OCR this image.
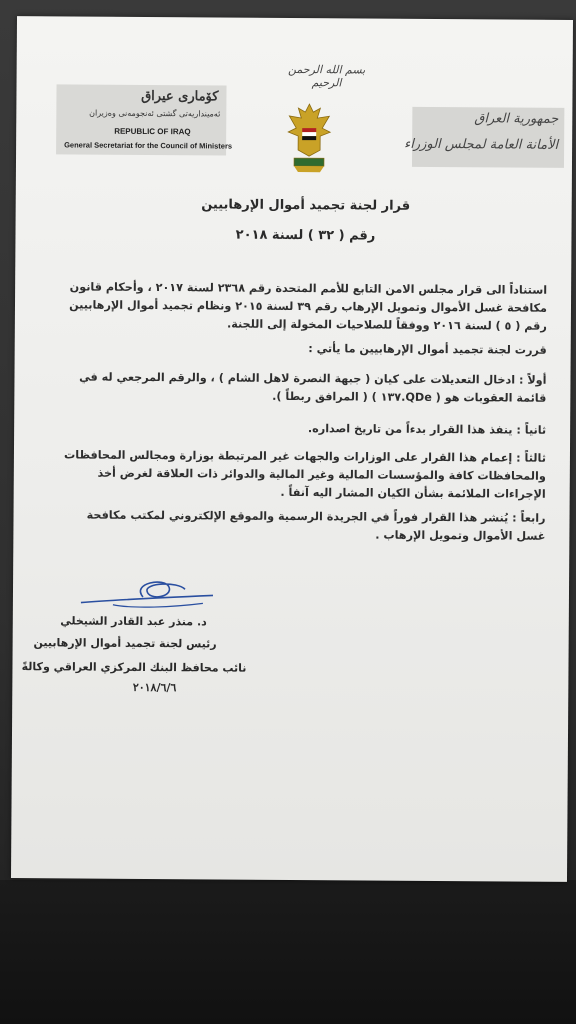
بسم الله الرحمن الرحيم
كۆماری عیراق
ئه‌مینداریه‌تی گشتی ئه‌نجومه‌نی وه‌زیران
REPUBLIC OF IRAQ
General Secretariat for the Council of Ministers
جمهورية العراق
الأمانة العامة لمجلس الوزراء
قرار لجنة تجميد أموال الإرهابيين
رقم ( ٣٢ ) لسنة ٢٠١٨
استناداً الى قرار مجلس الامن التابع للأمم المتحدة رقم ٢٣٦٨ لسنة ٢٠١٧ ، وأحكام قانون مكافحة غسل الأموال وتمويل الإرهاب رقم ٣٩ لسنة ٢٠١٥ ونظام تجميد أموال الإرهابيين رقم ( ٥ ) لسنة ٢٠١٦ ووفقاً للصلاحيات المخولة إلى اللجنة.
قررت لجنة تجميد أموال الإرهابيين ما يأتي :
أولاً : ادخال التعديلات على كيان ( جبهة النصرة لاهل الشام ) ، والرقم المرجعي له في قائمة العقوبات هو ( QDe.١٣٧ ) ( المرافق ربطاً ).
ثانياً : ينفذ هذا القرار بدءاً من تاريخ اصداره.
ثالثاً : إعمام هذا القرار على الوزارات والجهات غير المرتبطة بوزارة ومجالس المحافظات والمحافظات كافة والمؤسسات المالية وغير المالية والدوائر ذات العلاقة لغرض أخذ الإجراءات الملائمة بشأن الكيان المشار اليه آنفاً .
رابعاً : يُنشر هذا القرار فوراً في الجريدة الرسمية والموقع الإلكتروني لمكتب مكافحة غسل الأموال وتمويل الإرهاب .
د. منذر عبد القادر الشيخلي
رئيس لجنة تجميد أموال الإرهابيين
نائب محافظ البنك المركزي العراقي وكالةً
٢٠١٨/٦/٦
